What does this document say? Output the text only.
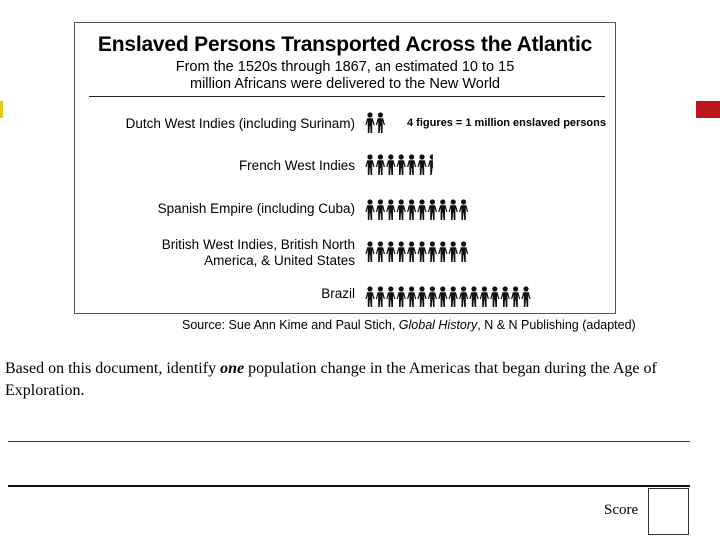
Enslaved Persons Transported Across the Atlantic
From the 1520s through 1867, an estimated 10 to 15
million Africans were delivered to the New World
4 figures = 1 million enslaved persons
Dutch West Indies (including Surinam)
French West Indies
Spanish Empire (including Cuba)
British West Indies, British North
America, & United States
Brazil
Source: Sue Ann Kime and Paul Stich, Global History, N & N Publishing (adapted)
Based on this document, identify one population change in the Americas that began during the Age of Exploration.
Score
